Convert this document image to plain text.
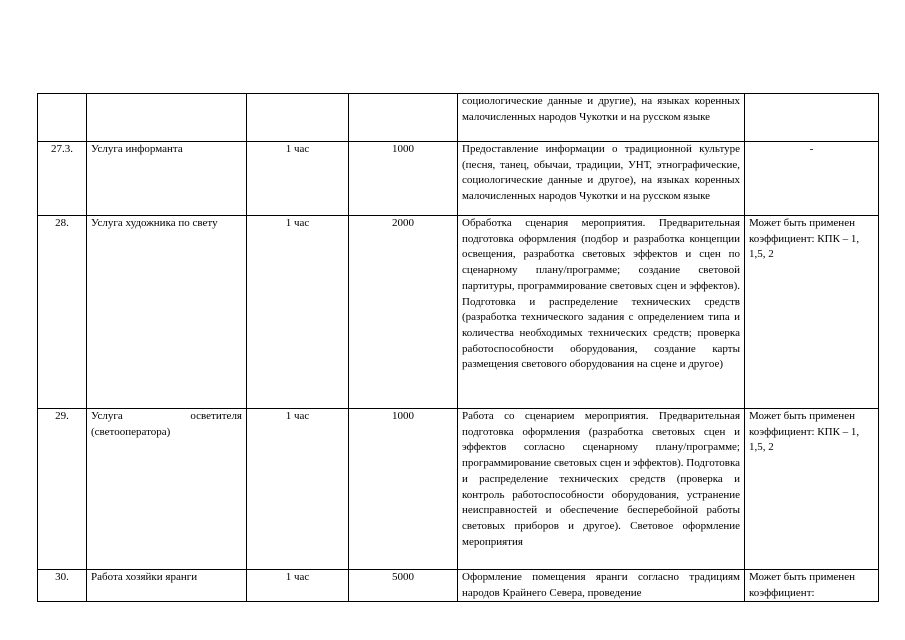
				социологические данные и другие), на языках коренных малочисленных народов Чукотки и на русском языке	
27.3.	Услуга информанта	1 час	1000	Предоставление информации о традиционной культуре (песня, танец, обычаи, традиции, УНТ, этнографические, социологические данные и другое), на языках коренных малочисленных народов Чукотки и на русском языке	-
28.	Услуга художника по свету	1 час	2000	Обработка сценария мероприятия. Предварительная подготовка оформления (подбор и разработка концепции освещения, разработка световых эффектов и сцен по сценарному плану/программе; создание световой партитуры, программирование световых сцен и эффектов). Подготовка и распределение технических средств (разработка технического задания с определением типа и количества необходимых технических средств; проверка работоспособности оборудования, создание карты размещения светового оборудования на сцене и другое)	Может быть применен коэффициент: КПК – 1, 1,5, 2
29.	Услуга осветителя (светооператора)	1 час	1000	Работа со сценарием мероприятия. Предварительная подготовка оформления (разработка световых сцен и эффектов согласно сценарному плану/программе; программирование световых сцен и эффектов). Подготовка и распределение технических средств (проверка и контроль работоспособности оборудования, устранение неисправностей и обеспечение бесперебойной работы световых приборов и другое). Световое оформление мероприятия	Может быть применен коэффициент: КПК – 1, 1,5, 2
30.	Работа хозяйки яранги	1 час	5000	Оформление помещения яранги согласно традициям народов Крайнего Севера, проведение	Может быть применен коэффициент:
